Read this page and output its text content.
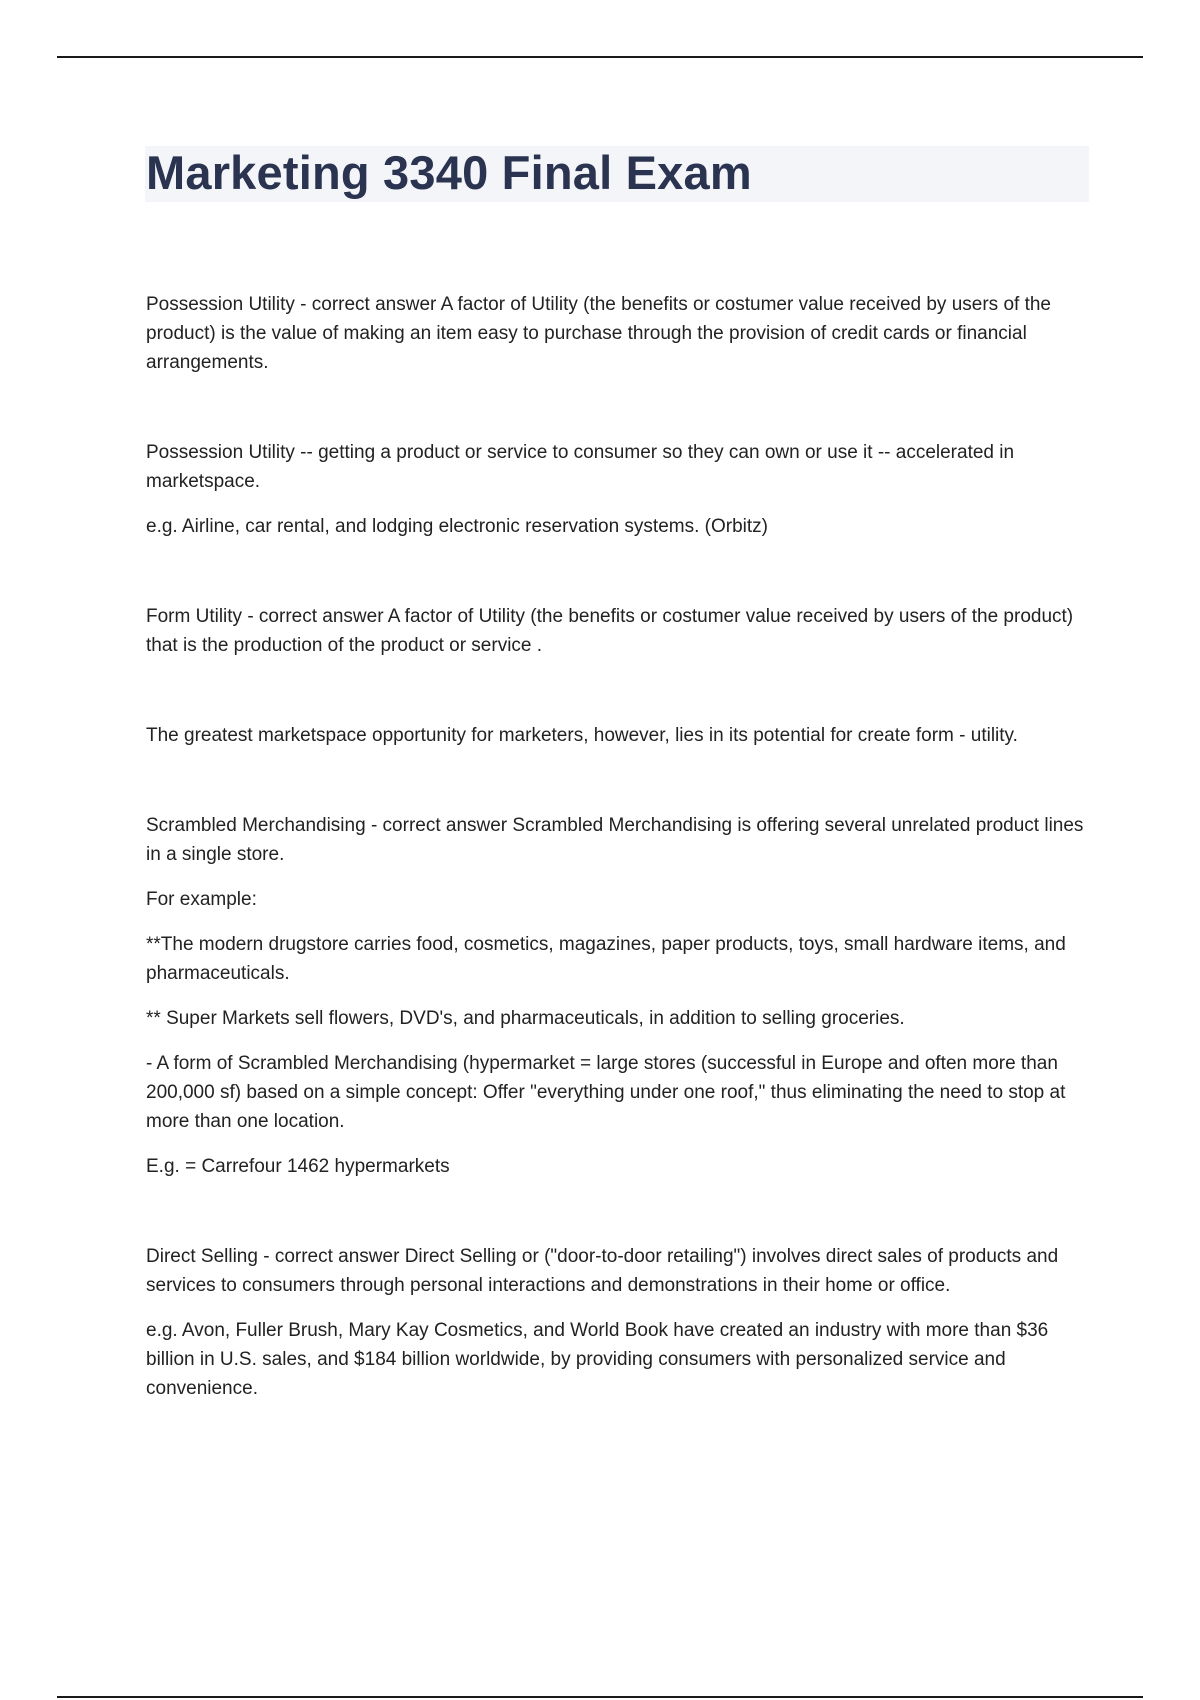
Marketing 3340 Final Exam

Possession Utility - correct answer A factor of Utility (the benefits or costumer value received by users of the product) is the value of making an item easy to purchase through the provision of credit cards or financial arrangements.

Possession Utility -- getting a product or service to consumer so they can own or use it -- accelerated in marketspace.

e.g. Airline, car rental, and lodging electronic reservation systems. (Orbitz)

Form Utility - correct answer A factor of Utility (the benefits or costumer value received by users of the product) that is the production of the product or service .

The greatest marketspace opportunity for marketers, however, lies in its potential for create form - utility.

Scrambled Merchandising - correct answer Scrambled Merchandising is offering several unrelated product lines in a single store.

For example:

**The modern drugstore carries food, cosmetics, magazines, paper products, toys, small hardware items, and pharmaceuticals.

** Super Markets sell flowers, DVD's, and pharmaceuticals, in addition to selling groceries.

- A form of Scrambled Merchandising (hypermarket = large stores (successful in Europe and often more than 200,000 sf) based on a simple concept: Offer "everything under one roof," thus eliminating the need to stop at more than one location.

E.g. = Carrefour 1462 hypermarkets

Direct Selling - correct answer Direct Selling or ("door-to-door retailing") involves direct sales of products and services to consumers through personal interactions and demonstrations in their home or office.

e.g. Avon, Fuller Brush, Mary Kay Cosmetics, and World Book have created an industry with more than $36 billion in U.S. sales, and $184 billion worldwide, by providing consumers with personalized service and convenience.
